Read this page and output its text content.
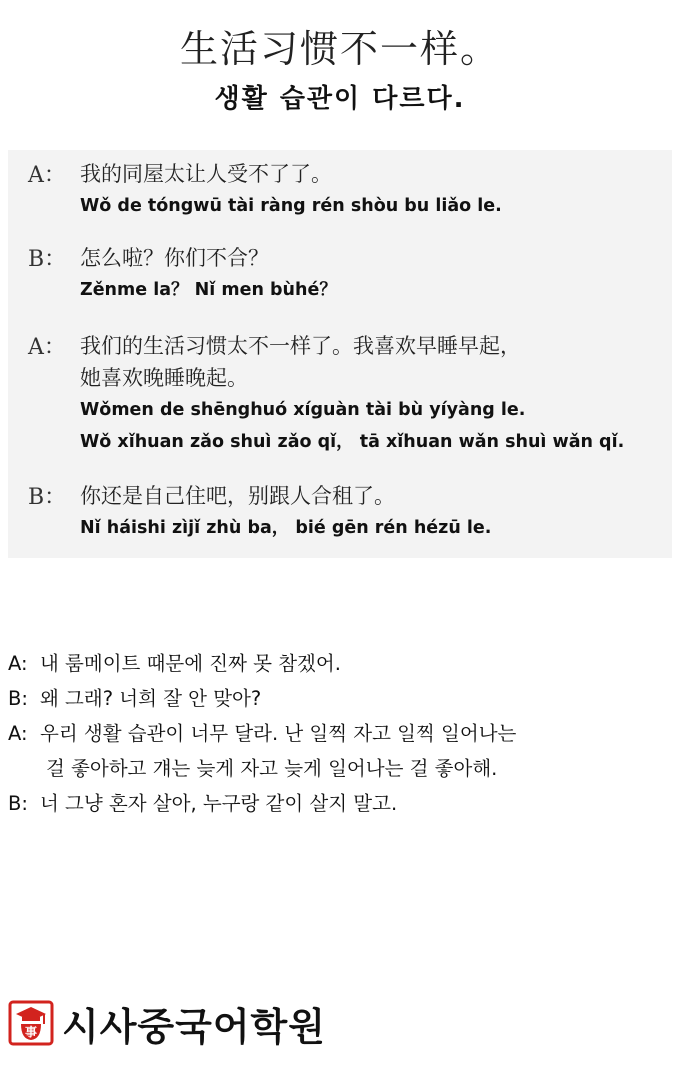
生活习惯不一样。
생활 습관이 다르다.
A： 我的同屋太让人受不了了。
Wǒ de tóngwū tài ràng rén shòu bu liǎo le.
B： 怎么啦？你们不合？
Zěnme la？ Nǐ men bùhé？
A： 我们的生活习惯太不一样了。我喜欢早睡早起，
她喜欢晚睡晚起。
Wǒmen de shēnghuó xíguàn tài bù yíyàng le.
Wǒ xǐhuan zǎo shuì zǎo qǐ， tā xǐhuan wǎn shuì wǎn qǐ.
B： 你还是自己住吧，别跟人合租了。
Nǐ háishi zìjǐ zhù ba， bié gēn rén hézū le.
A: 내 룸메이트 때문에 진짜 못 참겠어.
B: 왜 그래? 너희 잘 안 맞아?
A: 우리 생활 습관이 너무 달라. 난 일찍 자고 일찍 일어나는
걸 좋아하고 걔는 늦게 자고 늦게 일어나는 걸 좋아해.
B: 너 그냥 혼자 살아, 누구랑 같이 살지 말고.
事 시사중국어학원
